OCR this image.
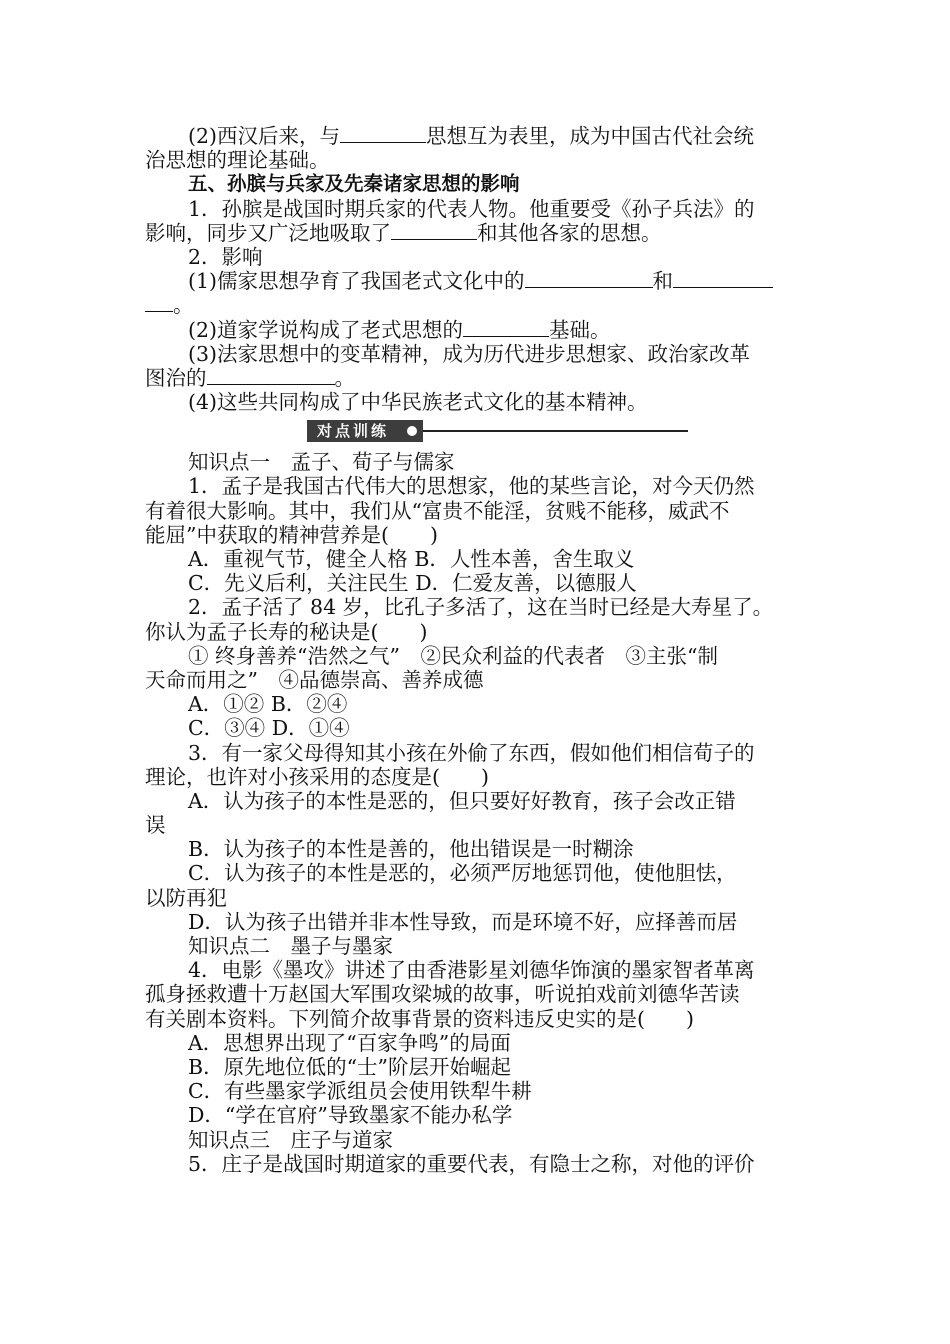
(2)西汉后来，与	思想互为表里，成为中国古代社会统
治思想的理论基础。
五、孙膑与兵家及先秦诸家思想的影响
1．孙膑是战国时期兵家的代表人物。他重要受《孙子兵法》的
影响，同步又广泛地吸取了	和其他各家的思想。
2．影响
(1)儒家思想孕育了我国老式文化中的	和
。
(2)道家学说构成了老式思想的	基础。
(3)法家思想中的变革精神，成为历代进步思想家、政治家改革
图治的	。
(4)这些共同构成了中华民族老式文化的基本精神。
对点训练
知识点一　孟子、荀子与儒家
1．孟子是我国古代伟大的思想家，他的某些言论，对今天仍然
有着很大影响。其中，我们从“富贵不能淫，贫贱不能移，威武不
能屈”中获取的精神营养是(　　)
A．重视气节，健全人格 B．人性本善，舍生取义
C．先义后利，关注民生 D．仁爱友善，以德服人
2．孟子活了 84 岁，比孔子多活了，这在当时已经是大寿星了。
你认为孟子长寿的秘诀是(　　)
① 终身善养“浩然之气”　②民众利益的代表者　③主张“制
天命而用之”　④品德崇高、善养成德
A．①② B．②④
C．③④ D．①④
3．有一家父母得知其小孩在外偷了东西，假如他们相信荀子的
理论，也许对小孩采用的态度是(　　)
A．认为孩子的本性是恶的，但只要好好教育，孩子会改正错
误
B．认为孩子的本性是善的，他出错误是一时糊涂
C．认为孩子的本性是恶的，必须严厉地惩罚他，使他胆怯，
以防再犯
D．认为孩子出错并非本性导致，而是环境不好，应择善而居
知识点二　墨子与墨家
4．电影《墨攻》讲述了由香港影星刘德华饰演的墨家智者革离
孤身拯救遭十万赵国大军围攻梁城的故事，听说拍戏前刘德华苦读
有关剧本资料。下列简介故事背景的资料违反史实的是(　　)
A．思想界出现了“百家争鸣”的局面
B．原先地位低的“士”阶层开始崛起
C．有些墨家学派组员会使用铁犁牛耕
D．“学在官府”导致墨家不能办私学
知识点三　庄子与道家
5．庄子是战国时期道家的重要代表，有隐士之称，对他的评价
